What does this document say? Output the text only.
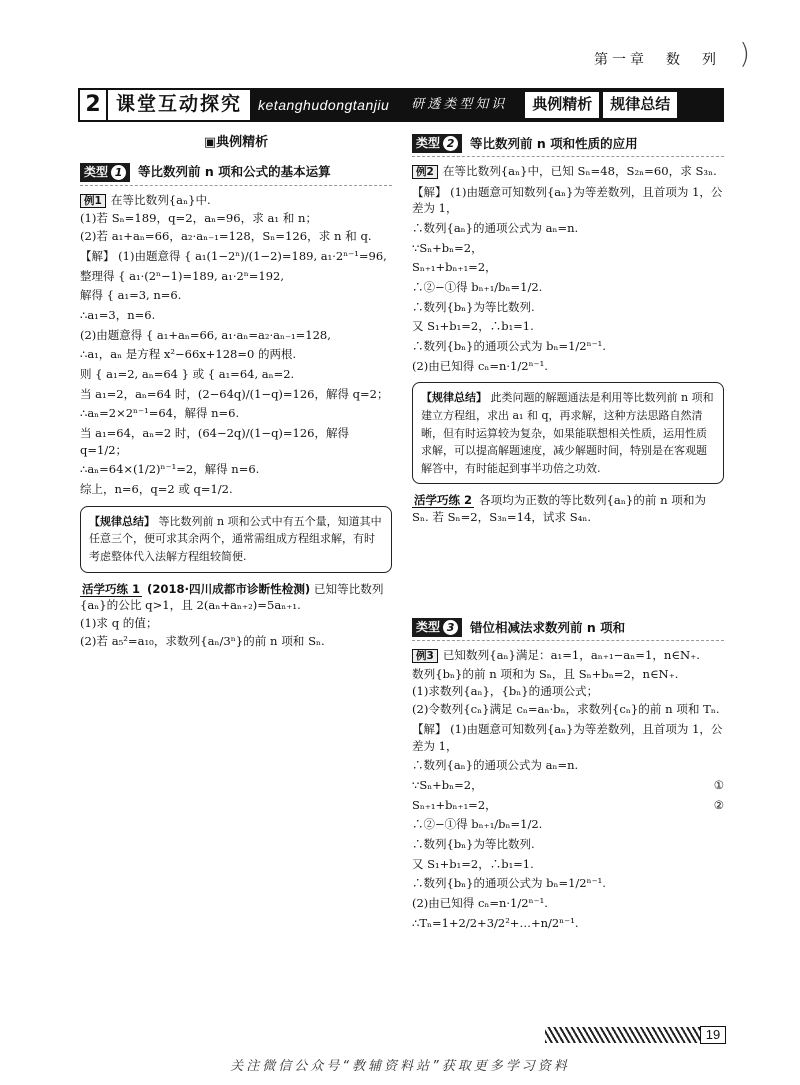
第一章　数　列 )
2 课堂互动探究	ketanghudongtanjiu 研透类型知识	典例精析	规律总结
▣典例精析
类型 1 等比数列前 n 项和公式的基本运算
例1 在等比数列{aₙ}中.
(1)若 Sₙ=189，q=2，aₙ=96，求 a₁ 和 n；
(2)若 a₁+aₙ=66，a₂·aₙ₋₁=128，Sₙ=126，求 n 和 q.
【解】 (1)由题意得 { a₁(1−2ⁿ)/(1−2)=189, a₁·2ⁿ⁻¹=96,
整理得 { a₁·(2ⁿ−1)=189, a₁·2ⁿ=192,
解得 { a₁=3, n=6.
∴a₁=3，n=6.
(2)由题意得 { a₁+aₙ=66, a₁·aₙ=a₂·aₙ₋₁=128,
∴a₁，aₙ 是方程 x²−66x+128=0 的两根.
则 { a₁=2, aₙ=64 } 或 { a₁=64, aₙ=2.
当 a₁=2，aₙ=64 时，(2−64q)/(1−q)=126，解得 q=2；
∴aₙ=2×2ⁿ⁻¹=64，解得 n=6.
当 a₁=64，aₙ=2 时，(64−2q)/(1−q)=126，解得 q=1/2；
∴aₙ=64×(1/2)ⁿ⁻¹=2，解得 n=6.
综上，n=6，q=2 或 q=1/2.
【规律总结】 等比数列前 n 项和公式中有五个量，知道其中任意三个，便可求其余两个，通常需组成方程组求解，有时考虑整体代入法解方程组较简便.
活学巧练 1 (2018·四川成都市诊断性检测) 已知等比数列{aₙ}的公比 q>1，且 2(aₙ+aₙ₊₂)=5aₙ₊₁.
(1)求 q 的值；
(2)若 a₅²=a₁₀，求数列{aₙ/3ⁿ}的前 n 项和 Sₙ.
类型 2 等比数列前 n 项和性质的应用
例2 在等比数列{aₙ}中，已知 Sₙ=48，S₂ₙ=60，求 S₃ₙ.
【解】 (1)由题意可知数列{aₙ}为等差数列，且首项为 1，公差为 1，
∴数列{aₙ}的通项公式为 aₙ=n.
∵Sₙ+bₙ=2，
Sₙ₊₁+bₙ₊₁=2，
∴②−①得 bₙ₊₁/bₙ=1/2.
∴数列{bₙ}为等比数列.
又 S₁+b₁=2，∴b₁=1.
∴数列{bₙ}的通项公式为 bₙ=1/2ⁿ⁻¹.
(2)由已知得 cₙ=n·1/2ⁿ⁻¹.
【规律总结】 此类问题的解题通法是利用等比数列前 n 项和建立方程组，求出 a₁ 和 q，再求解，这种方法思路自然清晰，但有时运算较为复杂，如果能联想相关性质，运用性质求解，可以提高解题速度，减少解题时间，特别是在客观题解答中，有时能起到事半功倍之功效.
活学巧练 2 各项均为正数的等比数列{aₙ}的前 n 项和为 Sₙ. 若 Sₙ=2，S₃ₙ=14，试求 S₄ₙ.
类型 3 错位相减法求数列前 n 项和
例3 已知数列{aₙ}满足：a₁=1，aₙ₊₁−aₙ=1，n∈N₊.
数列{bₙ}的前 n 项和为 Sₙ，且 Sₙ+bₙ=2，n∈N₊.
(1)求数列{aₙ}，{bₙ}的通项公式；
(2)令数列{cₙ}满足 cₙ=aₙ·bₙ，求数列{cₙ}的前 n 项和 Tₙ.
【解】 (1)由题意可知数列{aₙ}为等差数列，且首项为 1，公差为 1，
∴数列{aₙ}的通项公式为 aₙ=n.
①
∵Sₙ+bₙ=2，
②
Sₙ₊₁+bₙ₊₁=2，
∴②−①得 bₙ₊₁/bₙ=1/2.
∴数列{bₙ}为等比数列.
又 S₁+b₁=2，∴b₁=1.
∴数列{bₙ}的通项公式为 bₙ=1/2ⁿ⁻¹.
(2)由已知得 cₙ=n·1/2ⁿ⁻¹.
∴Tₙ=1+2/2+3/2²+…+n/2ⁿ⁻¹.
19
关注微信公众号“教辅资料站”获取更多学习资料
